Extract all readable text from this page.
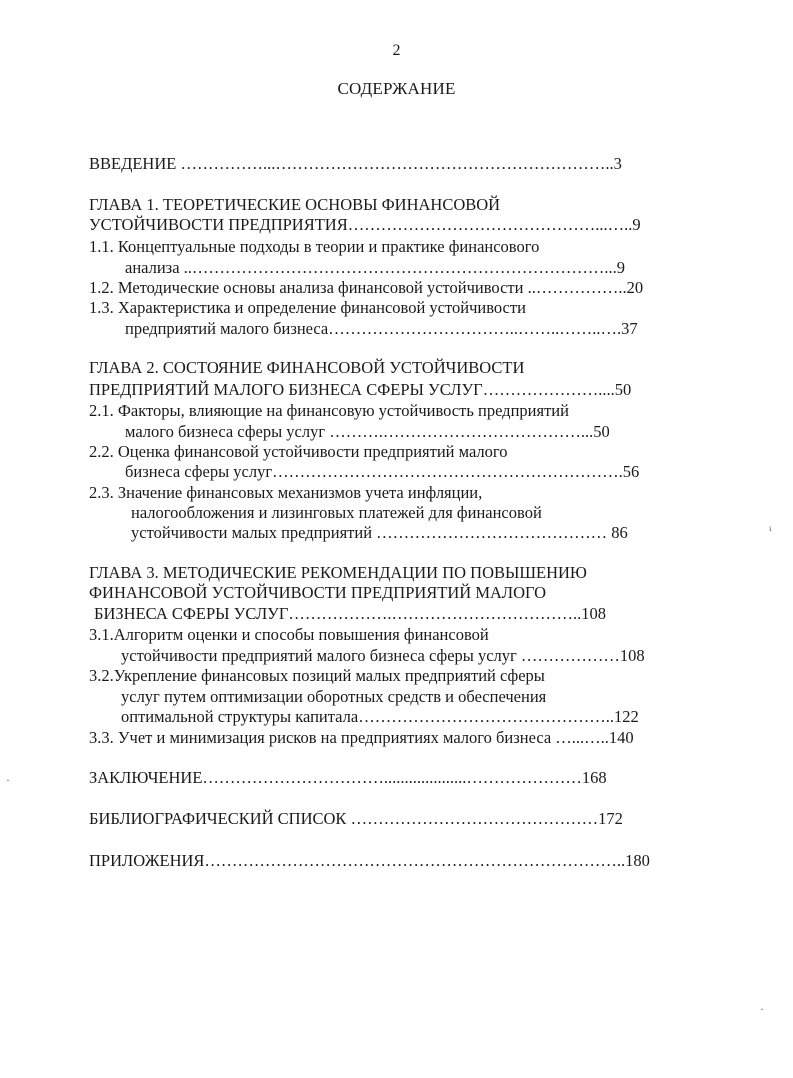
2
СОДЕРЖАНИЕ
ВВЕДЕНИЕ ……………...……………………………………………………..3
ГЛАВА 1. ТЕОРЕТИЧЕСКИЕ ОСНОВЫ ФИНАНСОВОЙ
УСТОЙЧИВОСТИ ПРЕДПРИЯТИЯ………………………………………...…..9
1.1. Концептуальные подходы в теории и практике финансового
анализа ..…………………………………………………………………...9
1.2. Методические основы анализа финансовой устойчивости ..……………..20
1.3. Характеристика и определение финансовой устойчивости
предприятий малого бизнеса……………………………..……..……..….37
ГЛАВА 2. СОСТОЯНИЕ ФИНАНСОВОЙ УСТОЙЧИВОСТИ
ПРЕДПРИЯТИЙ МАЛОГО БИЗНЕСА СФЕРЫ УСЛУГ…………………....50
2.1. Факторы, влияющие на финансовую устойчивость предприятий
малого бизнеса сферы услуг ……….………………………………...50
2.2. Оценка финансовой устойчивости предприятий малого
бизнеса сферы услуг……………………………………………………….56
2.3. Значение финансовых механизмов учета инфляции,
налогообложения и лизинговых платежей для финансовой
устойчивости малых предприятий …………………………………… 86
ГЛАВА 3. МЕТОДИЧЕСКИЕ РЕКОМЕНДАЦИИ ПО ПОВЫШЕНИЮ
ФИНАНСОВОЙ УСТОЙЧИВОСТИ ПРЕДПРИЯТИЙ МАЛОГО
БИЗНЕСА СФЕРЫ УСЛУГ……………….……………………………..108
3.1.Алгоритм оценки и способы повышения финансовой
устойчивости предприятий малого бизнеса сферы услуг ………………108
3.2.Укрепление финансовых позиций малых предприятий сферы
услуг путем оптимизации оборотных средств и обеспечения
оптимальной структуры капитала………………………………………..122
3.3. Учет и минимизация рисков на предприятиях малого бизнеса …...…..140
ЗАКЛЮЧЕНИЕ……………………………....................…………………168
БИБЛИОГРАФИЧЕСКИЙ СПИСОК ………………………………………172
ПРИЛОЖЕНИЯ…………………………………………………………………..180
ⁱ
·
·
